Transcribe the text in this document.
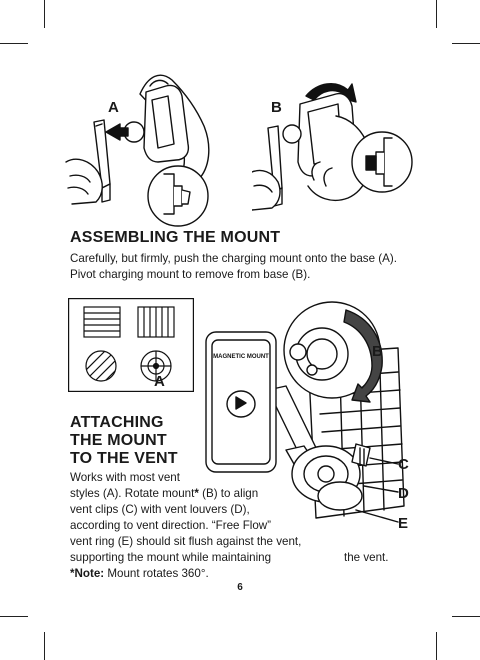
A	B
ASSEMBLING THE MOUNT

Carefully, but firmly, push the charging mount onto the base (A).

Pivot charging mount to remove from base (B).

A
MAGNETIC MOUNT	B
C
D
E
ATTACHING
THE MOUNT
TO THE VENT

Works with most vent

styles (A). Rotate mount* (B) to align

vent clips (C) with vent louvers (D),

according to vent direction. “Free Flow”

vent ring (E) should sit flush against the vent,

supporting the mount while maintaining	the vent.

*Note: Mount rotates 360°.

6
